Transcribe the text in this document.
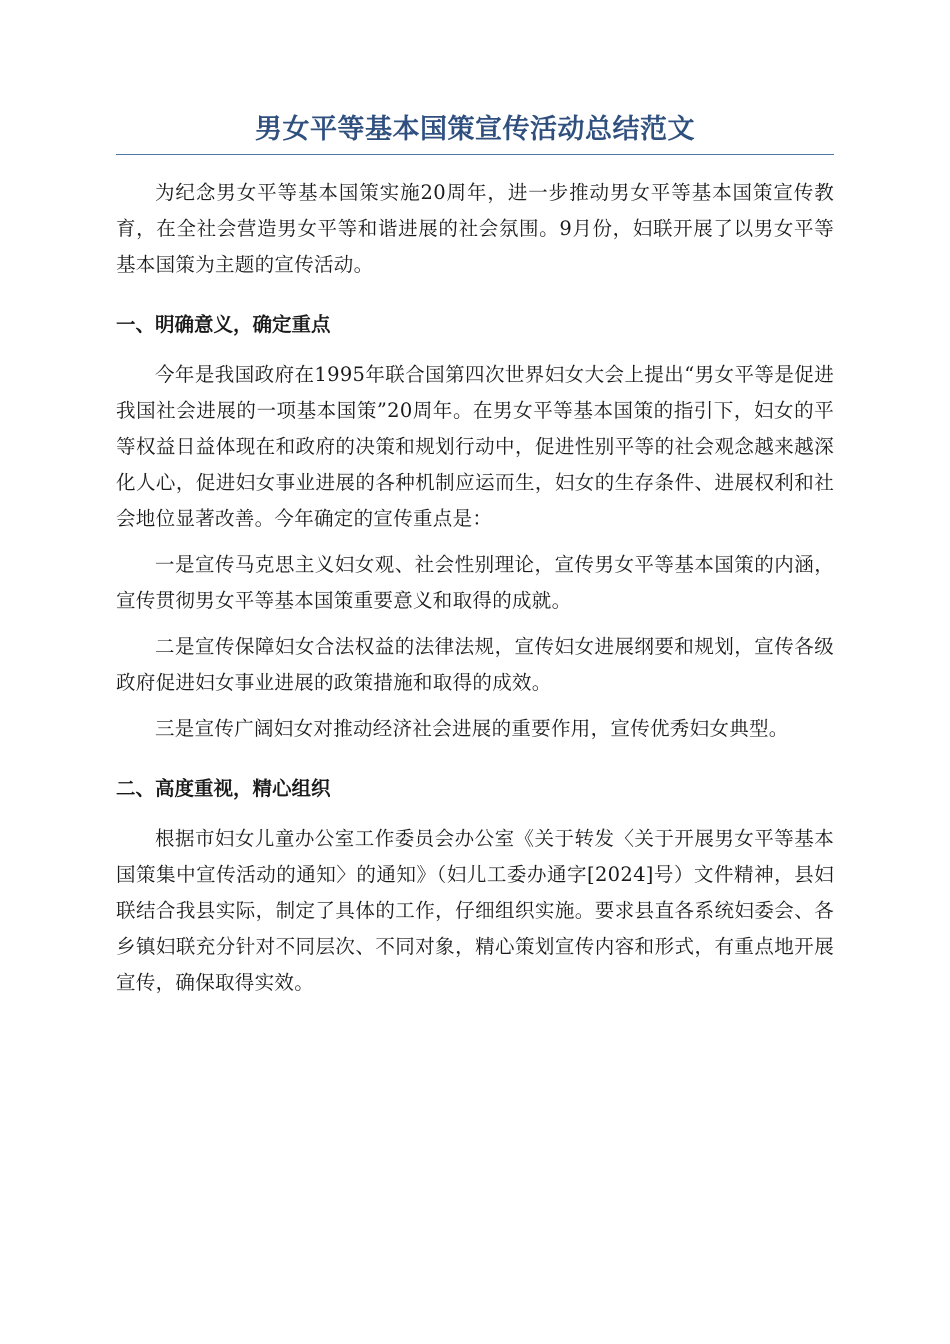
男女平等基本国策宣传活动总结范文

为纪念男女平等基本国策实施20周年，进一步推动男女平等基本国策宣传教育，在全社会营造男女平等和谐进展的社会氛围。9月份，妇联开展了以男女平等基本国策为主题的宣传活动。

一、明确意义，确定重点

今年是我国政府在1995年联合国第四次世界妇女大会上提出“男女平等是促进我国社会进展的一项基本国策”20周年。在男女平等基本国策的指引下，妇女的平等权益日益体现在和政府的决策和规划行动中，促进性别平等的社会观念越来越深化人心，促进妇女事业进展的各种机制应运而生，妇女的生存条件、进展权利和社会地位显著改善。今年确定的宣传重点是：

一是宣传马克思主义妇女观、社会性别理论，宣传男女平等基本国策的内涵，宣传贯彻男女平等基本国策重要意义和取得的成就。

二是宣传保障妇女合法权益的法律法规，宣传妇女进展纲要和规划，宣传各级政府促进妇女事业进展的政策措施和取得的成效。

三是宣传广阔妇女对推动经济社会进展的重要作用，宣传优秀妇女典型。

二、高度重视，精心组织

根据市妇女儿童办公室工作委员会办公室《关于转发〈关于开展男女平等基本国策集中宣传活动的通知〉的通知》（妇儿工委办通字[2024]号）文件精神，县妇联结合我县实际，制定了具体的工作，仔细组织实施。要求县直各系统妇委会、各乡镇妇联充分针对不同层次、不同对象，精心策划宣传内容和形式，有重点地开展宣传，确保取得实效。
